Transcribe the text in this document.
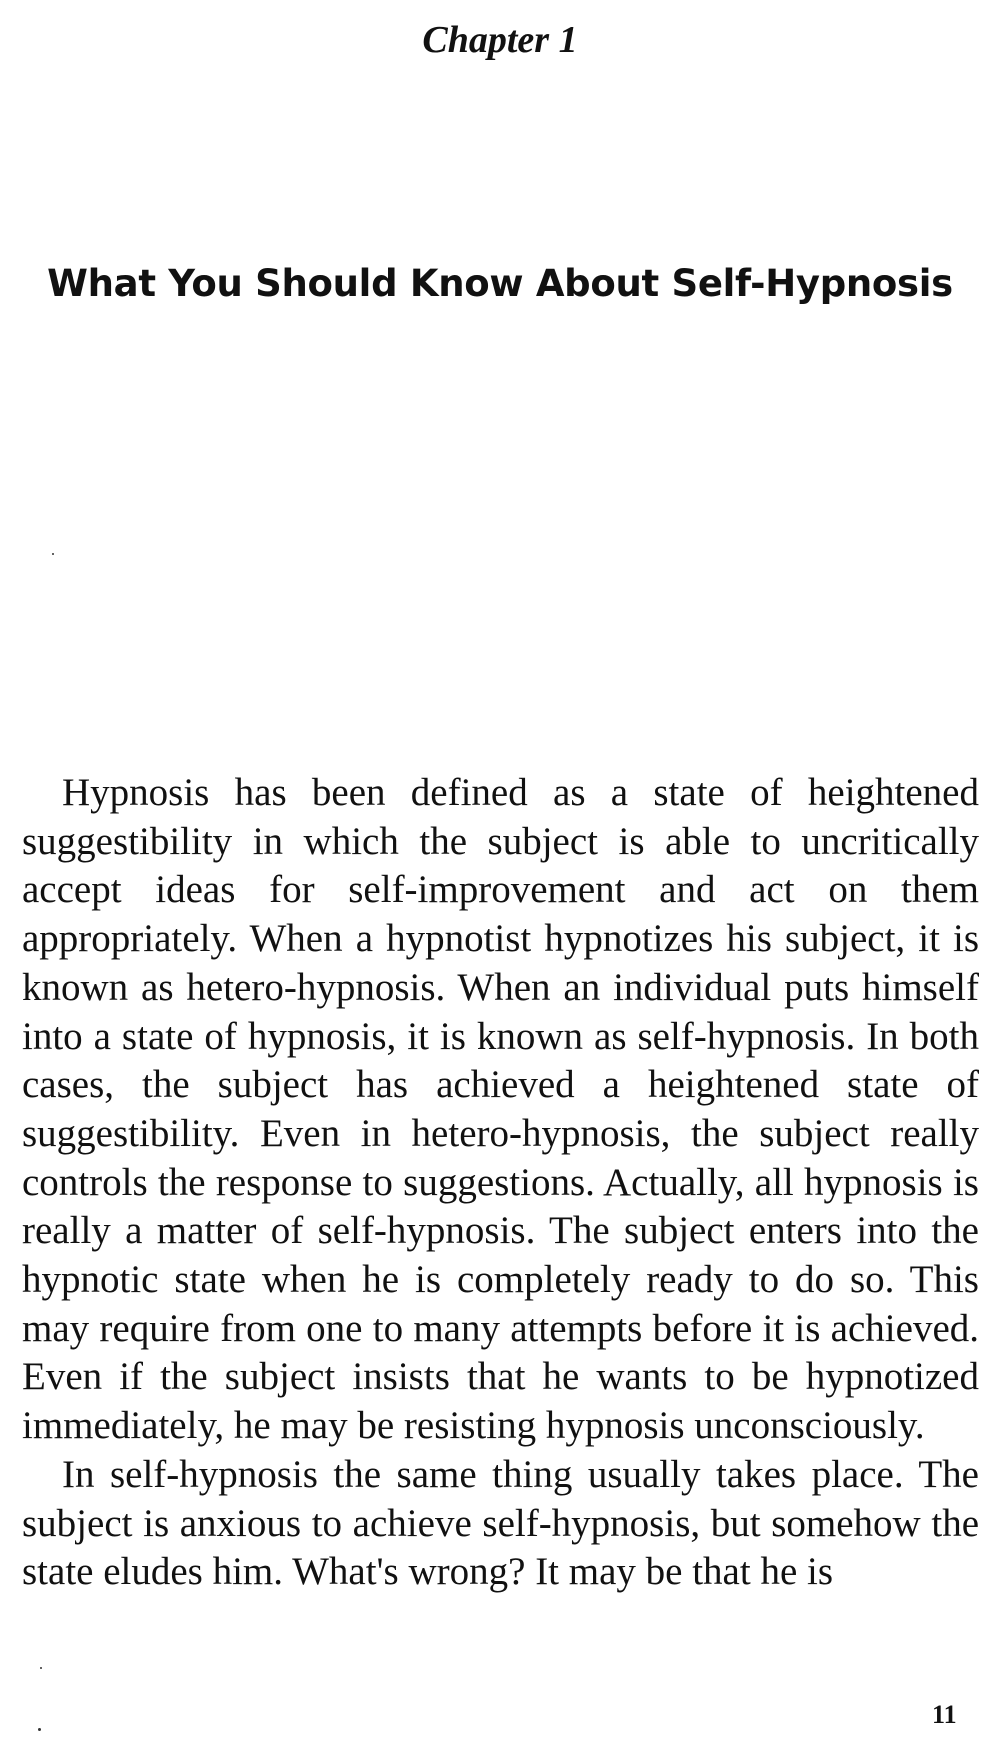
Chapter 1
What You Should Know About Self-Hypnosis

Hypnosis has been defined as a state of heightened suggestibility in which the subject is able to uncritically accept ideas for self-improvement and act on them appropriately. When a hypnotist hypnotizes his subject, it is known as hetero-hypnosis. When an individual puts himself into a state of hypnosis, it is known as self-hypnosis. In both cases, the subject has achieved a heightened state of suggestibility. Even in hetero-hypnosis, the subject really controls the response to suggestions. Actually, all hypnosis is really a matter of self-hypnosis. The subject enters into the hypnotic state when he is completely ready to do so. This may require from one to many attempts before it is achieved. Even if the subject insists that he wants to be hypnotized immediately, he may be resisting hypnosis unconsciously.

In self-hypnosis the same thing usually takes place. The subject is anxious to achieve self-hypnosis, but somehow the state eludes him. What's wrong? It may be that he is

11
